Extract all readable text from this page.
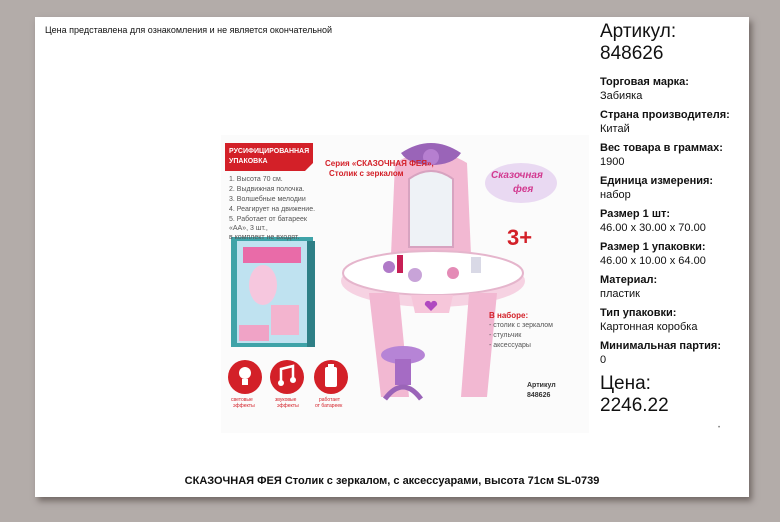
Цена представлена для ознакомления и не является окончательной
3+
РУСИФИЦИРОВАННАЯ
УПАКОВКА
1. Высота 70 см.
2. Выдвижная полочка.
3. Волшебные мелодии
4. Реагирует на движение.
5. Работает от батареек
«АА», 3 шт.,
в комплект не входят.
Серия «СКАЗОЧНАЯ ФЕЯ»,
Столик с зеркалом	Сказочная
фея
В наборе:
- столик с зеркалом
- стульчик
- аксессуары
Артикул
848626
световые
эффекты
звуковые
эффекты
работает
от батареек
Артикул:
848626
Торговая марка:
Забияка
Страна производителя:
Китай
Вес товара в граммах:
1900
Единица измерения:
набор
Размер 1 шт:
46.00 x 30.00 x 70.00
Размер 1 упаковки:
46.00 x 10.00 x 64.00
Материал:
пластик
Тип упаковки:
Картонная коробка
Минимальная партия:
0
Цена:
2246.22
•
СКАЗОЧНАЯ ФЕЯ Столик с зеркалом, с аксессуарами, высота 71см SL-0739
